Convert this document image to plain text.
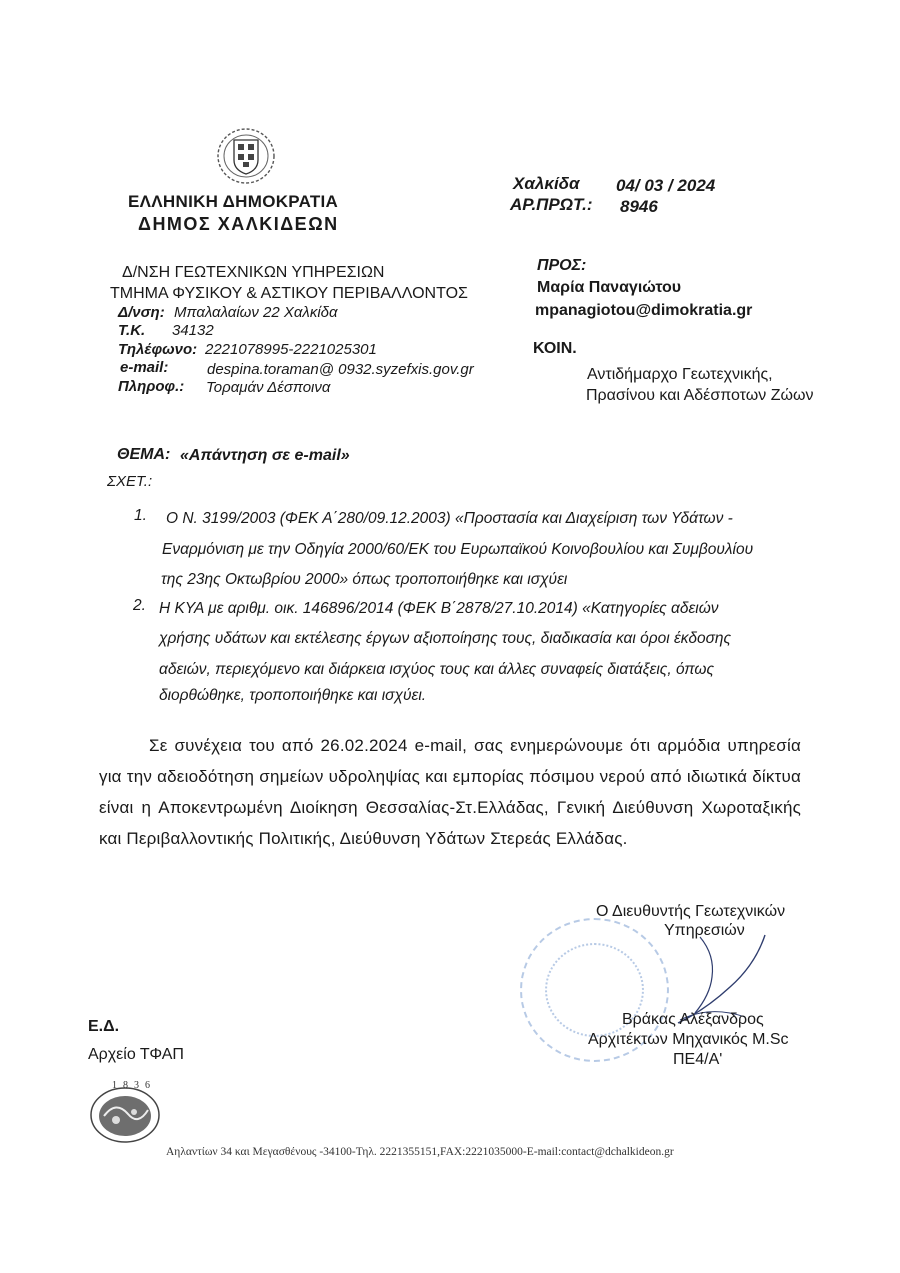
ΕΛΛΗΝΙΚΗ ΔΗΜΟΚΡΑΤΙΑ
ΔΗΜΟΣ ΧΑΛΚΙΔΕΩΝ
Χαλκίδα 04/ 03 / 2024
ΑΡ.ΠΡΩΤ.: 8946
Δ/ΝΣΗ ΓΕΩΤΕΧΝΙΚΩΝ ΥΠΗΡΕΣΙΩΝ
ΤΜΗΜΑ ΦΥΣΙΚΟΥ & ΑΣΤΙΚΟΥ ΠΕΡΙΒΑΛΛΟΝΤΟΣ
Δ/νση: Μπαλαλαίων 22 Χαλκίδα
Τ.Κ. 34132
Τηλέφωνο: 2221078995-2221025301
e-mail:	despina.toraman@ 0932.syzefxis.gov.gr
Πληροφ.: Τοραμάν Δέσποινα
ΠΡΟΣ:
Μαρία Παναγιώτου
mpanagiotou@dimokratia.gr
ΚΟΙΝ.
Αντιδήμαρχο Γεωτεχνικής,
Πρασίνου και Αδέσποτων Ζώων
ΘΕΜΑ: «Απάντηση σε e-mail»
ΣΧΕΤ.:
1. Ο Ν. 3199/2003 (ΦΕΚ Α΄280/09.12.2003) «Προστασία και Διαχείριση των Υδάτων -
Εναρμόνιση με την Οδηγία 2000/60/ΕΚ του Ευρωπαϊκού Κοινοβουλίου και Συμβουλίου
της 23ης Οκτωβρίου 2000» όπως τροποποιήθηκε και ισχύει
2. Η ΚΥΑ με αριθμ. οικ. 146896/2014 (ΦΕΚ Β΄2878/27.10.2014) «Κατηγορίες αδειών
χρήσης υδάτων και εκτέλεσης έργων αξιοποίησης τους, διαδικασία και όροι έκδοσης
αδειών, περιεχόμενο και διάρκεια ισχύος τους και άλλες συναφείς διατάξεις, όπως
διορθώθηκε, τροποποιήθηκε και ισχύει.
Σε συνέχεια του από 26.02.2024 e-mail, σας ενημερώνουμε ότι αρμόδια υπηρεσία για την αδειοδότηση σημείων υδροληψίας και εμπορίας πόσιμου νερού από ιδιωτικά δίκτυα είναι η Αποκεντρωμένη Διοίκηση Θεσσαλίας-Στ.Ελλάδας, Γενική Διεύθυνση Χωροταξικής και Περιβαλλοντικής Πολιτικής, Διεύθυνση Υδάτων Στερεάς Ελλάδας.
Ο Διευθυντής Γεωτεχνικών
Υπηρεσιών
Βράκας Αλέξανδρος
Αρχιτέκτων Μηχανικός M.Sc
ΠΕ4/Α'
Ε.Δ.
Αρχείο ΤΦΑΠ
1836
Αηλαντίων 34 και Μεγασθένους -34100-Τηλ. 2221355151,FAX:2221035000-E-mail:contact@dchalkideon.gr
